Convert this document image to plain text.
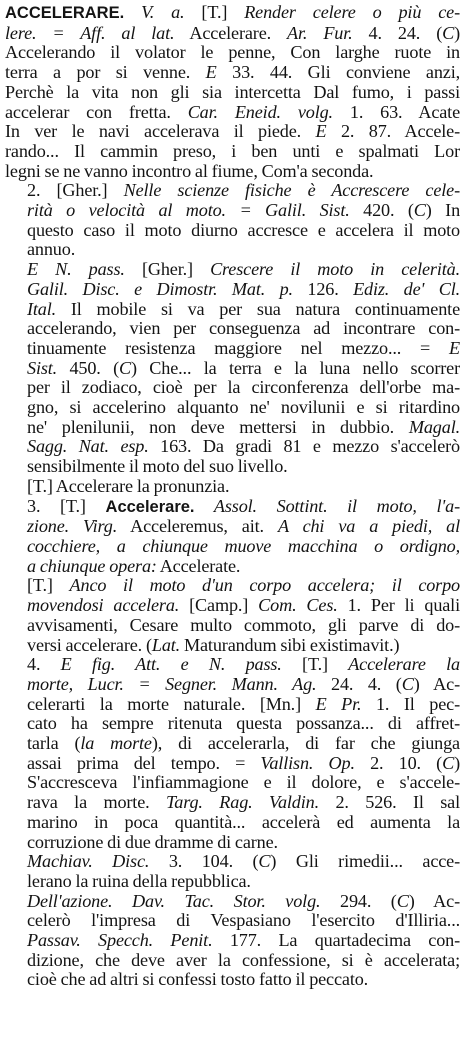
ACCELERARE. V. a. [T.] Render celere o più ce-
lere. = Aff. al lat. Accelerare. Ar. Fur. 4. 24. (C)
Accelerando il volator le penne, Con larghe ruote in
terra a por si venne. E 33. 44. Gli conviene anzi,
Perchè la vita non gli sia intercetta Dal fumo, i passi
accelerar con fretta. Car. Eneid. volg. 1. 63. Acate
In ver le navi accelerava il piede. E 2. 87. Accele-
rando... Il cammin preso, i ben unti e spalmati Lor
legni se ne vanno incontro al fiume, Com'a seconda.

2. [Gher.] Nelle scienze fisiche è Accrescere cele-
rità o velocità al moto. = Galil. Sist. 420. (C) In
questo caso il moto diurno accresce e accelera il moto
annuo.

E N. pass. [Gher.] Crescere il moto in celerità.
Galil. Disc. e Dimostr. Mat. p. 126. Ediz. de' Cl.
Ital. Il mobile si va per sua natura continuamente
accelerando, vien per conseguenza ad incontrare con-
tinuamente resistenza maggiore nel mezzo... = E
Sist. 450. (C) Che... la terra e la luna nello scorrer
per il zodiaco, cioè per la circonferenza dell'orbe ma-
gno, si accelerino alquanto ne' novilunii e si ritardino
ne' plenilunii, non deve mettersi in dubbio. Magal.
Sagg. Nat. esp. 163. Da gradi 81 e mezzo s'accelerò
sensibilmente il moto del suo livello.

[T.] Accelerare la pronunzia.

3. [T.] Accelerare. Assol. Sottint. il moto, l'a-
zione. Virg. Acceleremus, ait. A chi va a piedi, al
cocchiere, a chiunque muove macchina o ordigno,
a chiunque opera: Accelerate.

[T.] Anco il moto d'un corpo accelera; il corpo
movendosi accelera. [Camp.] Com. Ces. 1. Per li quali
avvisamenti, Cesare multo commoto, gli parve di do-
versi accelerare. (Lat. Maturandum sibi existimavit.)

4. E fig. Att. e N. pass. [T.] Accelerare la
morte, Lucr. = Segner. Mann. Ag. 24. 4. (C) Ac-
celerarti la morte naturale. [Mn.] E Pr. 1. Il pec-
cato ha sempre ritenuta questa possanza... di affret-
tarla (la morte), di accelerarla, di far che giunga
assai prima del tempo. = Vallisn. Op. 2. 10. (C)
S'accresceva l'infiammagione e il dolore, e s'accele-
rava la morte. Targ. Rag. Valdin. 2. 526. Il sal
marino in poca quantità... accelerà ed aumenta la
corruzione di due dramme di carne.

Machiav. Disc. 3. 104. (C) Gli rimedii... acce-
lerano la ruina della repubblica.

Dell'azione. Dav. Tac. Stor. volg. 294. (C) Ac-
celerò l'impresa di Vespasiano l'esercito d'Illiria...
Passav. Specch. Penit. 177. La quartadecima con-
dizione, che deve aver la confessione, si è accelerata;
cioè che ad altri si confessi tosto fatto il peccato.
